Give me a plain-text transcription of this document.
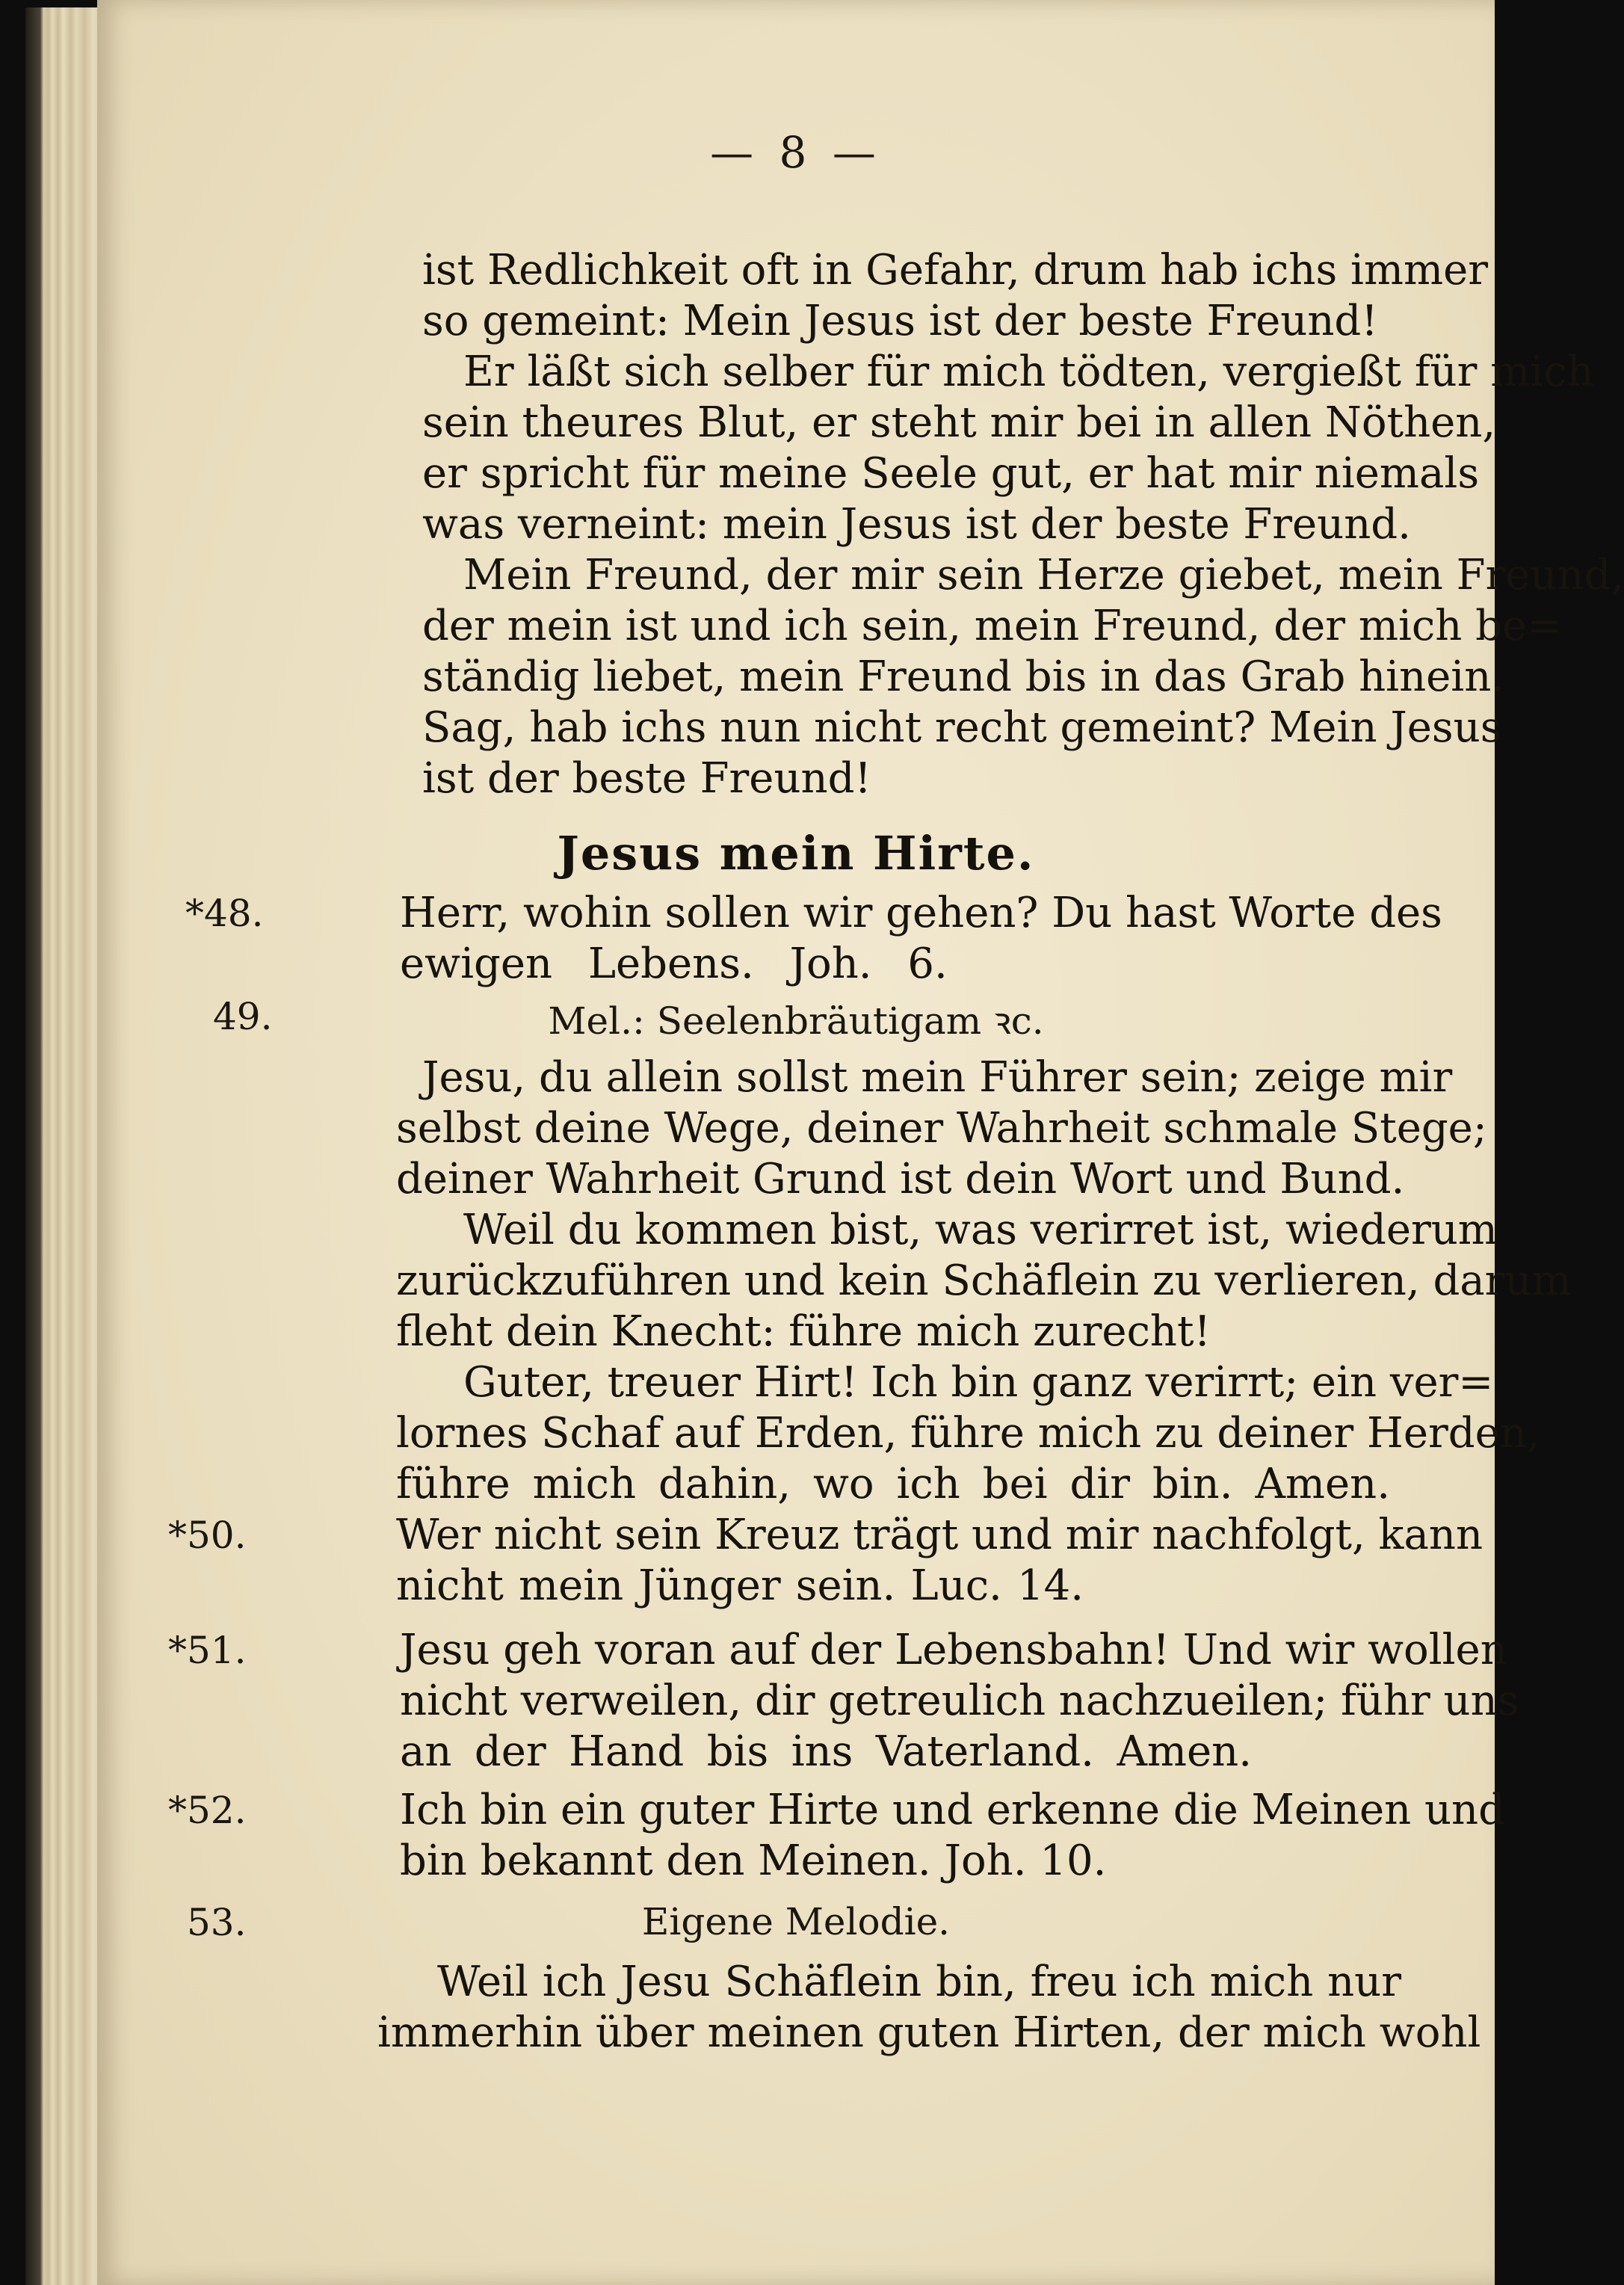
— 8 —
ist Redlichkeit oft in Gefahr, drum hab ichs immer
so gemeint: Mein Jesus ist der beste Freund!
Er läßt sich selber für mich tödten, vergießt für mich
sein theures Blut, er steht mir bei in allen Nöthen,
er spricht für meine Seele gut, er hat mir niemals
was verneint: mein Jesus ist der beste Freund.
Mein Freund, der mir sein Herze giebet, mein Freund,
der mein ist und ich sein, mein Freund, der mich be=
ständig liebet, mein Freund bis in das Grab hinein.
Sag, hab ichs nun nicht recht gemeint? Mein Jesus
ist der beste Freund!
Jesus mein Hirte.
*48.	Herr, wohin sollen wir gehen? Du hast Worte des
ewigen Lebens. Joh. 6.
49.	Mel.: Seelenbräutigam ꝛc.
Jesu, du allein sollst mein Führer sein; zeige mir
selbst deine Wege, deiner Wahrheit schmale Stege;
deiner Wahrheit Grund ist dein Wort und Bund.
Weil du kommen bist, was verirret ist, wiederum
zurückzuführen und kein Schäflein zu verlieren, darum
fleht dein Knecht: führe mich zurecht!
Guter, treuer Hirt! Ich bin ganz verirrt; ein ver=
lornes Schaf auf Erden, führe mich zu deiner Herden,
führe mich dahin, wo ich bei dir bin. Amen.
*50.	Wer nicht sein Kreuz trägt und mir nachfolgt, kann
nicht mein Jünger sein. Luc. 14.
*51.	Jesu geh voran auf der Lebensbahn! Und wir wollen
nicht verweilen, dir getreulich nachzueilen; führ uns
an der Hand bis ins Vaterland. Amen.
*52.	Ich bin ein guter Hirte und erkenne die Meinen und
bin bekannt den Meinen. Joh. 10.
53.	Eigene Melodie.
Weil ich Jesu Schäflein bin, freu ich mich nur
immerhin über meinen guten Hirten, der mich wohl
